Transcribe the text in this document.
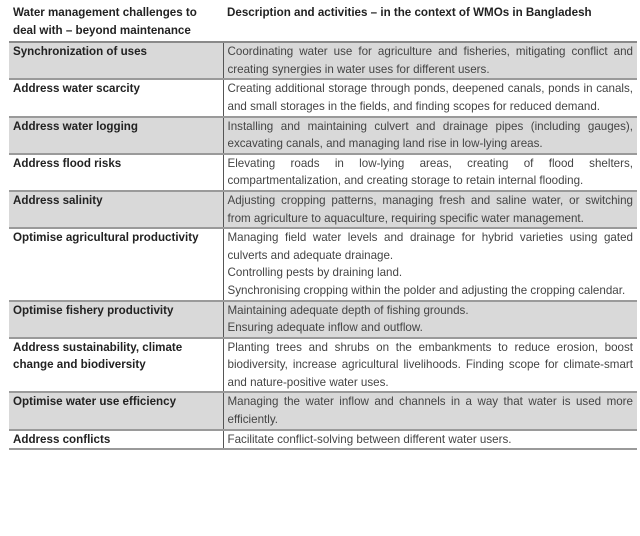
Water management challenges to deal with – beyond maintenance	Description and activities – in the context of WMOs in Bangladesh
Synchronization of uses	Coordinating water use for agriculture and fisheries, mitigating conflict and creating synergies in water uses for different users.

Address water scarcity	Creating additional storage through ponds, deepened canals, ponds in canals, and small storages in the fields, and finding scopes for reduced demand.

Address water logging	Installing and maintaining culvert and drainage pipes (including gauges), excavating canals, and managing land rise in low-lying areas.

Address flood risks	Elevating roads in low-lying areas, creating of flood shelters, compartmentalization, and creating storage to retain internal flooding.

Address salinity	Adjusting cropping patterns, managing fresh and saline water, or switching from agriculture to aquaculture, requiring specific water management.

Optimise agricultural productivity	Managing field water levels and drainage for hybrid varieties using gated culverts and adequate drainage.
Controlling pests by draining land.
Synchronising cropping within the polder and adjusting the cropping calendar.

Optimise fishery productivity	Maintaining adequate depth of fishing grounds.
Ensuring adequate inflow and outflow.

Address sustainability, climate change and biodiversity	Planting trees and shrubs on the embankments to reduce erosion, boost biodiversity, increase agricultural livelihoods. Finding scope for climate-smart and nature-positive water uses.

Optimise water use efficiency	Managing the water inflow and channels in a way that water is used more efficiently.

Address conflicts	Facilitate conflict-solving between different water users.
